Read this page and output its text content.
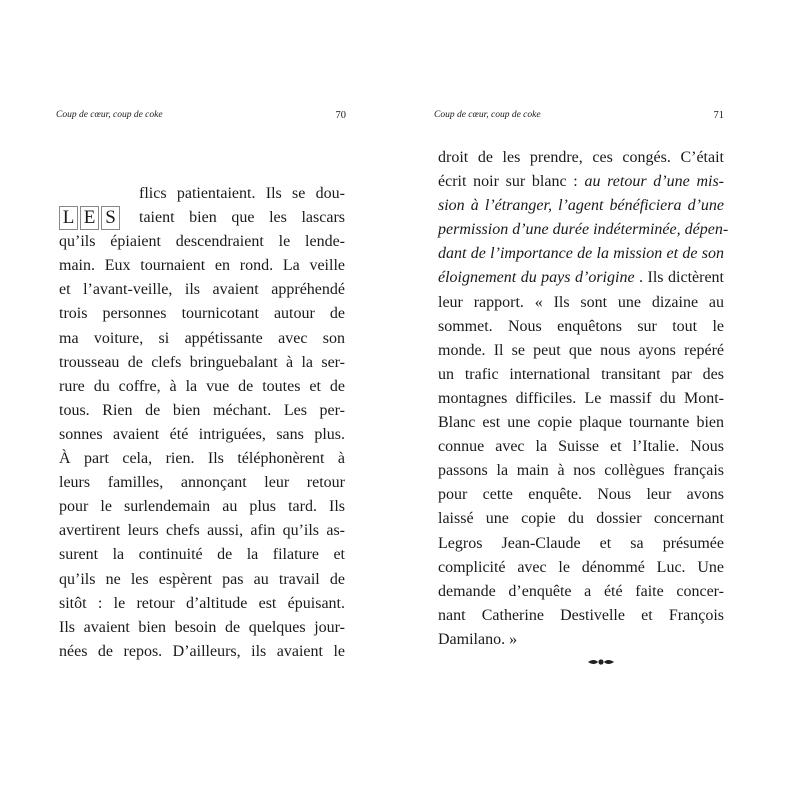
Coup de cœur, coup de coke	70
L E S
flics patientaient. Ils se dou-
taient bien que les lascars
qu’ils épiaient descendraient le lende-
main. Eux tournaient en rond. La veille
et l’avant-veille, ils avaient appréhendé
trois personnes tournicotant autour de
ma voiture, si appétissante avec son
trousseau de clefs bringuebalant à la ser-
rure du coffre, à la vue de toutes et de
tous. Rien de bien méchant. Les per-
sonnes avaient été intriguées, sans plus.
À part cela, rien. Ils téléphonèrent à
leurs familles, annonçant leur retour
pour le surlendemain au plus tard. Ils
avertirent leurs chefs aussi, afin qu’ils as-
surent la continuité de la filature et
qu’ils ne les espèrent pas au travail de
sitôt : le retour d’altitude est épuisant.
Ils avaient bien besoin de quelques jour-
nées de repos. D’ailleurs, ils avaient le
Coup de cœur, coup de coke	71
droit de les prendre, ces congés. C’était
écrit noir sur blanc : au retour d’une mis-
sion à l’étranger, l’agent bénéficiera d’une
permission d’une durée indéterminée, dépen-
dant de l’importance de la mission et de son
éloignement du pays d’origine . Ils dictèrent
leur rapport. « Ils sont une dizaine au
sommet. Nous enquêtons sur tout le
monde. Il se peut que nous ayons repéré
un trafic international transitant par des
montagnes difficiles. Le massif du Mont-
Blanc est une copie plaque tournante bien
connue avec la Suisse et l’Italie. Nous
passons la main à nos collègues français
pour cette enquête. Nous leur avons
laissé une copie du dossier concernant
Legros Jean-Claude et sa présumée
complicité avec le dénommé Luc. Une
demande d’enquête a été faite concer-
nant Catherine Destivelle et François
Damilano. »
